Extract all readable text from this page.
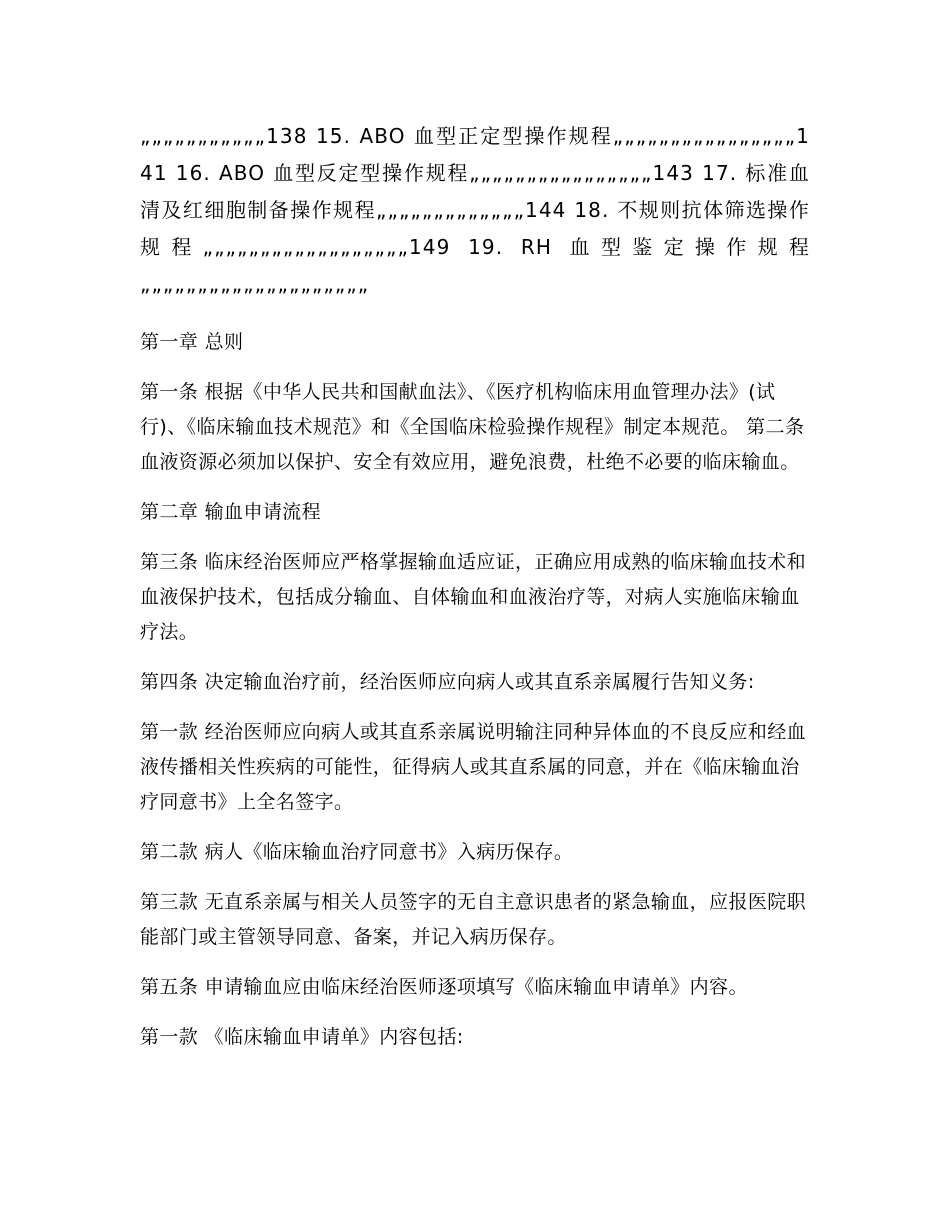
„„„„„„„„„„„138 15. ABO 血型正定型操作规程„„„„„„„„„„„„„„„„141 16. ABO 血型反定型操作规程„„„„„„„„„„„„„„„„143 17. 标准血清及红细胞制备操作规程„„„„„„„„„„„„„144 18. 不规则抗体筛选操作规程„„„„„„„„„„„„„„„„„„149 19. RH 血型鉴定操作规程„„„„„„„„„„„„„„„„„„„„

第一章 总则

第一条 根据《中华人民共和国献血法》、《医疗机构临床用血管理办法》(试行)、《临床输血技术规范》和《全国临床检验操作规程》制定本规范。 第二条 血液资源必须加以保护、安全有效应用，避免浪费，杜绝不必要的临床输血。

第二章 输血申请流程

第三条 临床经治医师应严格掌握输血适应证，正确应用成熟的临床输血技术和血液保护技术，包括成分输血、自体输血和血液治疗等，对病人实施临床输血疗法。

第四条 决定输血治疗前，经治医师应向病人或其直系亲属履行告知义务:

第一款 经治医师应向病人或其直系亲属说明输注同种异体血的不良反应和经血液传播相关性疾病的可能性，征得病人或其直系属的同意，并在《临床输血治疗同意书》上全名签字。

第二款 病人《临床输血治疗同意书》入病历保存。

第三款 无直系亲属与相关人员签字的无自主意识患者的紧急输血，应报医院职能部门或主管领导同意、备案，并记入病历保存。

第五条 申请输血应由临床经治医师逐项填写《临床输血申请单》内容。

第一款 《临床输血申请单》内容包括:
